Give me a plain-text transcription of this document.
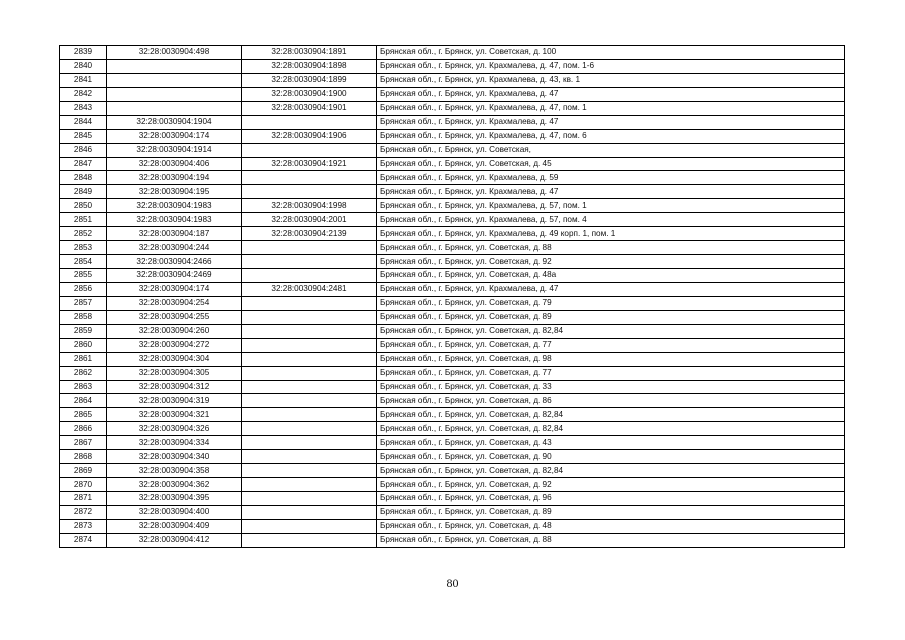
2839	32:28:0030904:498	32:28:0030904:1891	Брянская обл., г. Брянск, ул. Советская, д. 100
2840		32:28:0030904:1898	Брянская обл., г. Брянск, ул. Крахмалева, д. 47, пом. 1-6
2841		32:28:0030904:1899	Брянская обл., г. Брянск, ул. Крахмалева, д. 43, кв. 1
2842		32:28:0030904:1900	Брянская обл., г. Брянск, ул. Крахмалева, д. 47
2843		32:28:0030904:1901	Брянская обл., г. Брянск, ул. Крахмалева, д. 47, пом. 1
2844	32:28:0030904:1904		Брянская обл., г. Брянск, ул. Крахмалева, д. 47
2845	32:28:0030904:174	32:28:0030904:1906	Брянская обл., г. Брянск, ул. Крахмалева, д. 47, пом. 6
2846	32:28:0030904:1914		Брянская обл., г. Брянск, ул. Советская,
2847	32:28:0030904:406	32:28:0030904:1921	Брянская обл., г. Брянск, ул. Советская, д. 45
2848	32:28:0030904:194		Брянская обл., г. Брянск, ул. Крахмалева, д. 59
2849	32:28:0030904:195		Брянская обл., г. Брянск, ул. Крахмалева, д. 47
2850	32:28:0030904:1983	32:28:0030904:1998	Брянская обл., г. Брянск, ул. Крахмалева, д. 57, пом. 1
2851	32:28:0030904:1983	32:28:0030904:2001	Брянская обл., г. Брянск, ул. Крахмалева, д. 57, пом. 4
2852	32:28:0030904:187	32:28:0030904:2139	Брянская обл., г. Брянск, ул. Крахмалева, д. 49 корп. 1, пом. 1
2853	32:28:0030904:244		Брянская обл., г. Брянск, ул. Советская, д. 88
2854	32:28:0030904:2466		Брянская обл., г. Брянск, ул. Советская, д. 92
2855	32:28:0030904:2469		Брянская обл., г. Брянск, ул. Советская, д. 48а
2856	32:28:0030904:174	32:28:0030904:2481	Брянская обл., г. Брянск, ул. Крахмалева, д. 47
2857	32:28:0030904:254		Брянская обл., г. Брянск, ул. Советская, д. 79
2858	32:28:0030904:255		Брянская обл., г. Брянск, ул. Советская, д. 89
2859	32:28:0030904:260		Брянская обл., г. Брянск, ул. Советская, д. 82,84
2860	32:28:0030904:272		Брянская обл., г. Брянск, ул. Советская, д. 77
2861	32:28:0030904:304		Брянская обл., г. Брянск, ул. Советская, д. 98
2862	32:28:0030904:305		Брянская обл., г. Брянск, ул. Советская, д. 77
2863	32:28:0030904:312		Брянская обл., г. Брянск, ул. Советская, д. 33
2864	32:28:0030904:319		Брянская обл., г. Брянск, ул. Советская, д. 86
2865	32:28:0030904:321		Брянская обл., г. Брянск, ул. Советская, д. 82,84
2866	32:28:0030904:326		Брянская обл., г. Брянск, ул. Советская, д. 82,84
2867	32:28:0030904:334		Брянская обл., г. Брянск, ул. Советская, д. 43
2868	32:28:0030904:340		Брянская обл., г. Брянск, ул. Советская, д. 90
2869	32:28:0030904:358		Брянская обл., г. Брянск, ул. Советская, д. 82,84
2870	32:28:0030904:362		Брянская обл., г. Брянск, ул. Советская, д. 92
2871	32:28:0030904:395		Брянская обл., г. Брянск, ул. Советская, д. 96
2872	32:28:0030904:400		Брянская обл., г. Брянск, ул. Советская, д. 89
2873	32:28:0030904:409		Брянская обл., г. Брянск, ул. Советская, д. 48
2874	32:28:0030904:412		Брянская обл., г. Брянск, ул. Советская, д. 88
80
